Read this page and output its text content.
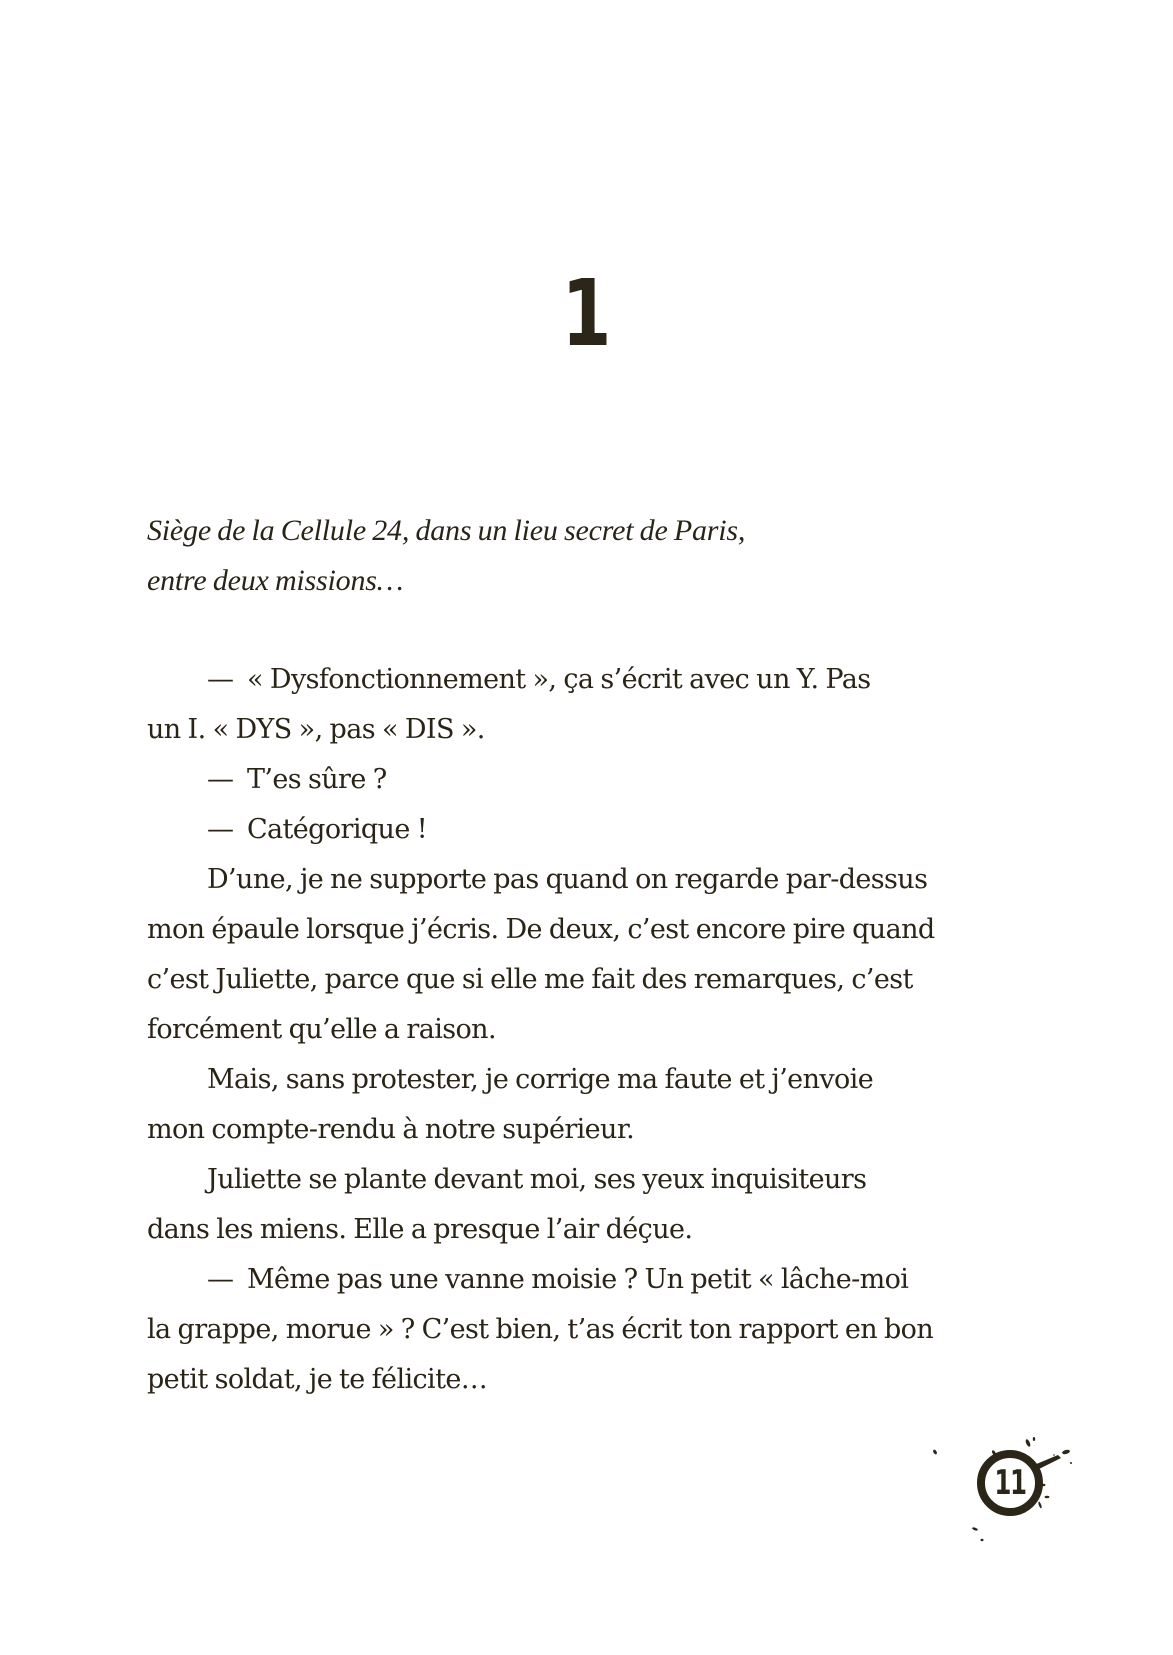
1
Siège de la Cellule 24, dans un lieu secret de Paris,
entre deux missions…
— « Dysfonctionnement », ça s’écrit avec un Y. Pas
un I. « DYS », pas « DIS ».
— T’es sûre ?
— Catégorique !
D’une, je ne supporte pas quand on regarde par-dessus
mon épaule lorsque j’écris. De deux, c’est encore pire quand
c’est Juliette, parce que si elle me fait des remarques, c’est
forcément qu’elle a raison.
Mais, sans protester, je corrige ma faute et j’envoie
mon compte-rendu à notre supérieur.
Juliette se plante devant moi, ses yeux inquisiteurs
dans les miens. Elle a presque l’air déçue.
— Même pas une vanne moisie ? Un petit « lâche-moi
la grappe, morue » ? C’est bien, t’as écrit ton rapport en bon
petit soldat, je te félicite…
11
